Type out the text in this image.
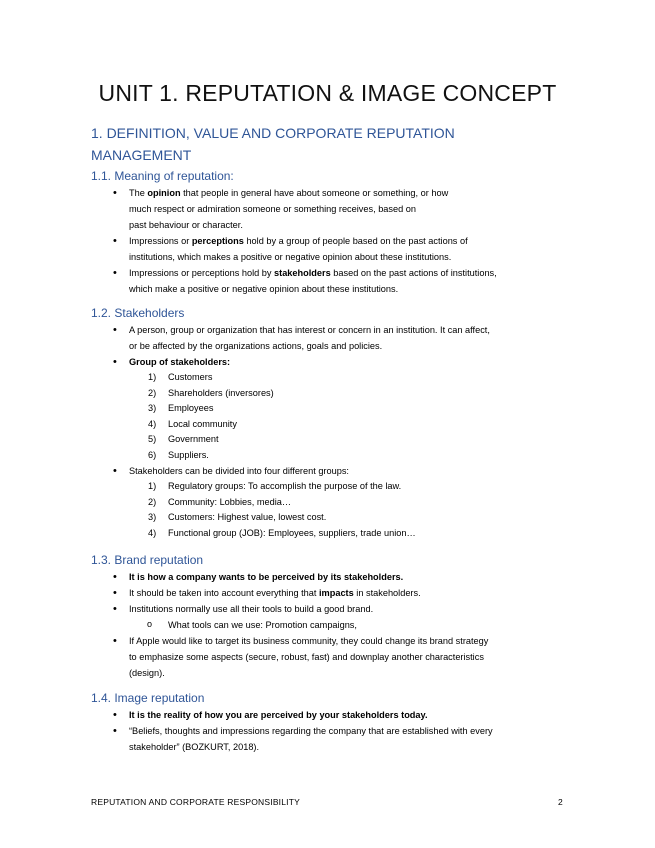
UNIT 1. REPUTATION & IMAGE CONCEPT
1. DEFINITION, VALUE AND CORPORATE REPUTATION MANAGEMENT
1.1. Meaning of reputation:
• The opinion that people in general have about someone or something, or how
much respect or admiration someone or something receives, based on
past behaviour or character.
• Impressions or perceptions hold by a group of people based on the past actions of
institutions, which makes a positive or negative opinion about these institutions.
• Impressions or perceptions hold by stakeholders based on the past actions of institutions,
which make a positive or negative opinion about these institutions.
1.2. Stakeholders
• A person, group or organization that has interest or concern in an institution. It can affect,
or be affected by the organizations actions, goals and policies.
• Group of stakeholders:
1) Customers
2) Shareholders (inversores)
3) Employees
4) Local community
5) Government
6) Suppliers.
• Stakeholders can be divided into four different groups:
1) Regulatory groups: To accomplish the purpose of the law.
2) Community: Lobbies, media…
3) Customers: Highest value, lowest cost.
4) Functional group (JOB): Employees, suppliers, trade union…
1.3. Brand reputation
• It is how a company wants to be perceived by its stakeholders.
• It should be taken into account everything that impacts in stakeholders.
• Institutions normally use all their tools to build a good brand.
o What tools can we use: Promotion campaigns,
• If Apple would like to target its business community, they could change its brand strategy
to emphasize some aspects (secure, robust, fast) and downplay another characteristics
(design).
1.4. Image reputation
• It is the reality of how you are perceived by your stakeholders today.
• “Beliefs, thoughts and impressions regarding the company that are established with every
stakeholder” (BOZKURT, 2018).
REPUTATION AND CORPORATE RESPONSIBILITY	2
